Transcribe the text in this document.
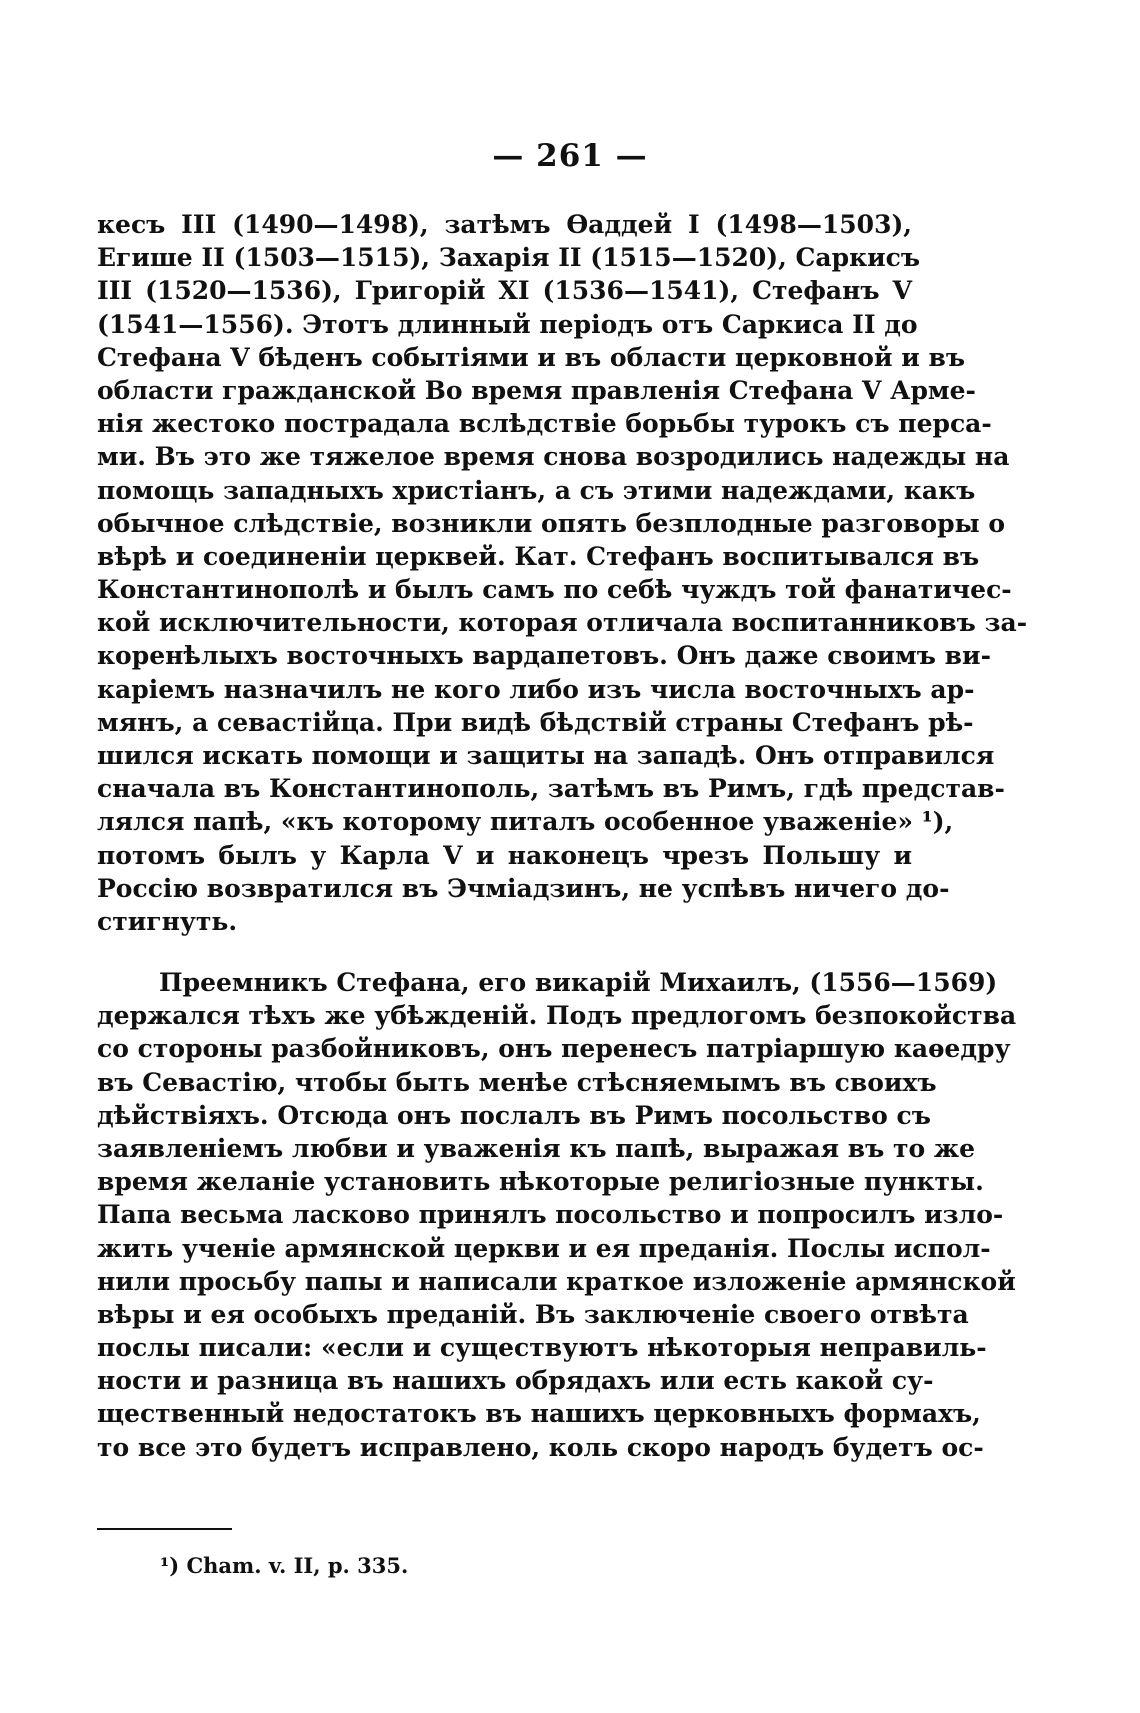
— 261 —
кесъ III (1490—1498), затѣмъ Ѳаддей I (1498—1503),
Егише II (1503—1515), Захарія II (1515—1520), Саркисъ
III (1520—1536), Григорій XI (1536—1541), Стефанъ V
(1541—1556). Этотъ длинный періодъ отъ Саркиса II до
Стефана V бѣденъ событіями и въ области церковной и въ
области гражданской Во время правленія Стефана V Арме-
нія жестоко пострадала вслѣдствіе борьбы турокъ съ перса-
ми. Въ это же тяжелое время снова возродились надежды на
помощь западныхъ христіанъ, а съ этими надеждами, какъ
обычное слѣдствіе, возникли опять безплодные разговоры о
вѣрѣ и соединеніи церквей. Кат. Стефанъ воспитывался въ
Константинополѣ и былъ самъ по себѣ чуждъ той фанатичес-
кой исключительности, которая отличала воспитанниковъ за-
коренѣлыхъ восточныхъ вардапетовъ. Онъ даже своимъ ви-
каріемъ назначилъ не кого либо изъ числа восточныхъ ар-
мянъ, а севастійца. При видѣ бѣдствій страны Стефанъ рѣ-
шился искать помощи и защиты на западѣ. Онъ отправился
сначала въ Константинополь, затѣмъ въ Римъ, гдѣ представ-
лялся папѣ, «къ которому питалъ особенное уваженіе» ¹),
потомъ былъ у Карла V и наконецъ чрезъ Польшу и
Россію возвратился въ Эчміадзинъ, не успѣвъ ничего до-
стигнуть.
Преемникъ Стефана, его викарій Михаилъ, (1556—1569)
держался тѣхъ же убѣжденій. Подъ предлогомъ безпокойства
со стороны разбойниковъ, онъ перенесъ патріаршую каѳедру
въ Севастію, чтобы быть менѣе стѣсняемымъ въ своихъ
дѣйствіяхъ. Отсюда онъ послалъ въ Римъ посольство съ
заявленіемъ любви и уваженія къ папѣ, выражая въ то же
время желаніе установить нѣкоторые религіозные пункты.
Папа весьма ласково принялъ посольство и попросилъ изло-
жить ученіе армянской церкви и ея преданія. Послы испол-
нили просьбу папы и написали краткое изложеніе армянской
вѣры и ея особыхъ преданій. Въ заключеніе своего отвѣта
послы писали: «если и существуютъ нѣкоторыя неправиль-
ности и разница въ нашихъ обрядахъ или есть какой су-
щественный недостатокъ въ нашихъ церковныхъ формахъ,
то все это будетъ исправлено, коль скоро народъ будетъ ос-
¹) Cham. v. II, p. 335.
